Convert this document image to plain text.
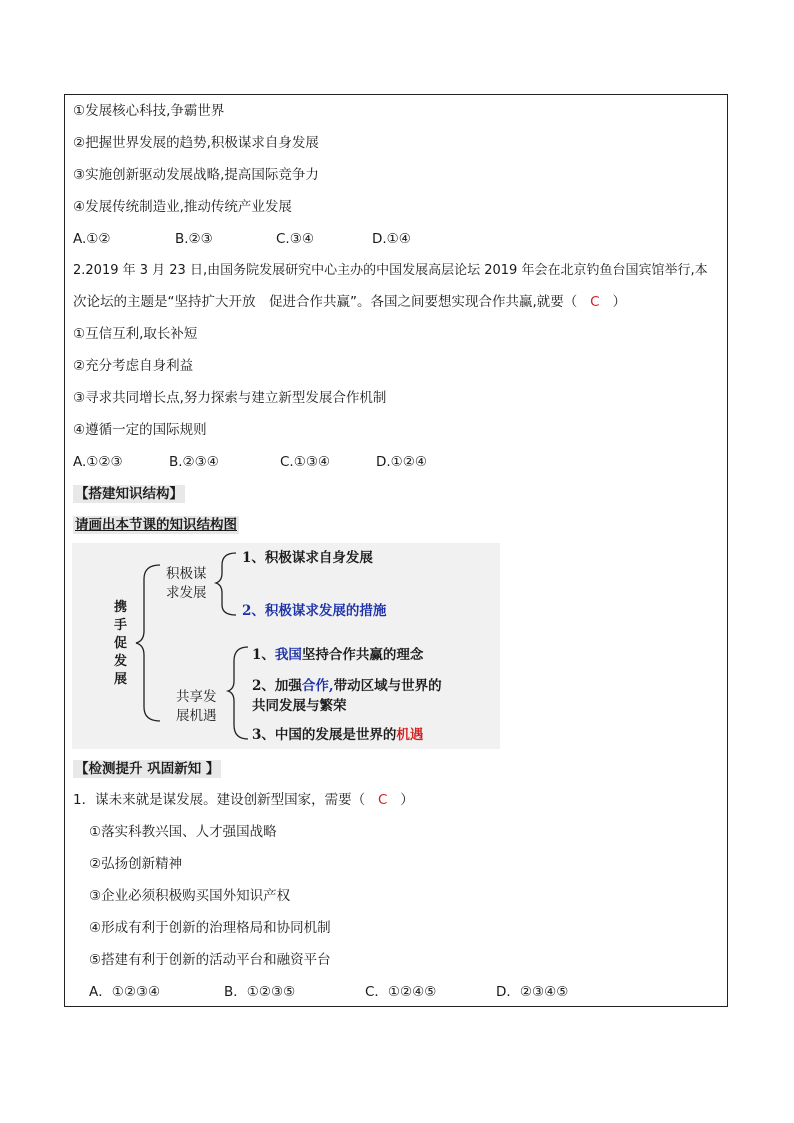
①发展核心科技,争霸世界
②把握世界发展的趋势,积极谋求自身发展
③实施创新驱动发展战略,提高国际竞争力
④发展传统制造业,推动传统产业发展
A.①②	B.②③	C.③④	D.①④
2.2019 年 3 月 23 日,由国务院发展研究中心主办的中国发展高层论坛 2019 年会在北京钓鱼台国宾馆举行,本
次论坛的主题是“坚持扩大开放　促进合作共赢”。各国之间要想实现合作共赢,就要（ C ）
①互信互利,取长补短
②充分考虑自身利益
③寻求共同增长点,努力探索与建立新型发展合作机制
④遵循一定的国际规则
A.①②③	B.②③④	C.①③④	D.①②④
【搭建知识结构】
请画出本节课的知识结构图
携
手
促
发
展
积极谋
求发展
1、积极谋求自身发展
2、积极谋求发展的措施
共享发
展机遇
1、我国坚持合作共赢的理念
2、加强合作,带动区域与世界的
共同发展与繁荣
3、中国的发展是世界的机遇
【检测提升 巩固新知 】
1．谋未来就是谋发展。建设创新型国家，需要（ C ）
①落实科教兴国、人才强国战略
②弘扬创新精神
③企业必须积极购买国外知识产权
④形成有利于创新的治理格局和协同机制
⑤搭建有利于创新的活动平台和融资平台
A．①②③④	B．①②③⑤	C．①②④⑤	D．②③④⑤
